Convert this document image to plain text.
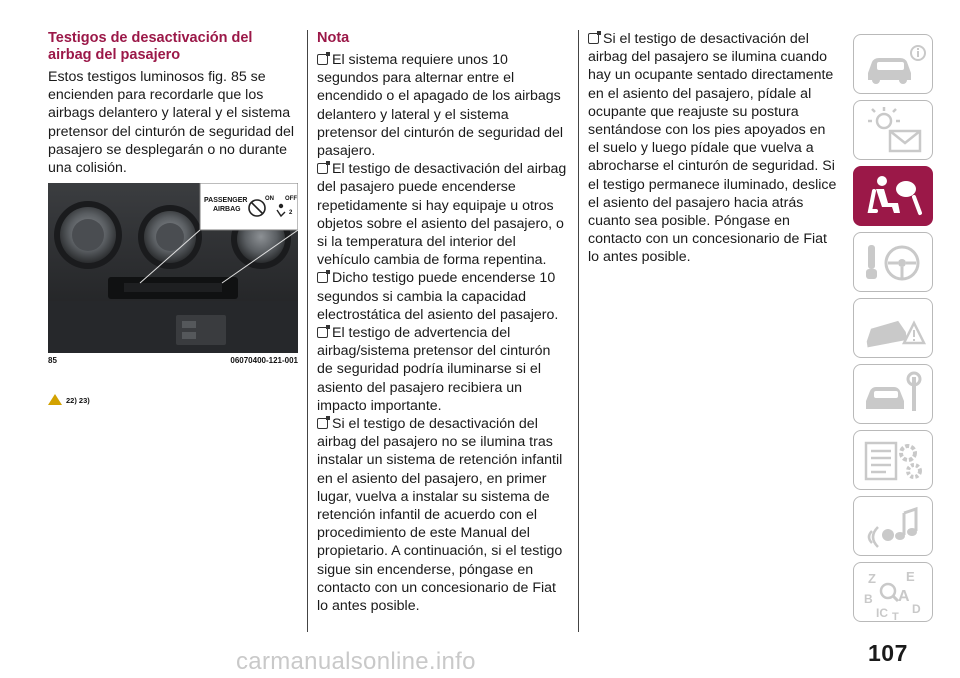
Testigos de desactivación del airbag del pasajero

Estos testigos luminosos fig. 85 se encienden para recordarle que los airbags delantero y lateral y el sistema pretensor del cinturón de seguridad del pasajero se desplegarán o no durante una colisión.

PASSENGER
AIRBAG
ON OFF
2
85	06070400-121-001
22) 23)
Nota

El sistema requiere unos 10 segundos para alternar entre el encendido o el apagado de los airbags delantero y lateral y el sistema pretensor del cinturón de seguridad del pasajero.

El testigo de desactivación del airbag del pasajero puede encenderse repetidamente si hay equipaje u otros objetos sobre el asiento del pasajero, o si la temperatura del interior del vehículo cambia de forma repentina.

Dicho testigo puede encenderse 10 segundos si cambia la capacidad electrostática del asiento del pasajero.

El testigo de advertencia del airbag/sistema pretensor del cinturón de seguridad podría iluminarse si el asiento del pasajero recibiera un impacto importante.

Si el testigo de desactivación del airbag del pasajero no se ilumina tras instalar un sistema de retención infantil en el asiento del pasajero, en primer lugar, vuelva a instalar su sistema de retención infantil de acuerdo con el procedimiento de este Manual del propietario. A continuación, si el testigo sigue sin encenderse, póngase en contacto con un concesionario de Fiat lo antes posible.

Si el testigo de desactivación del airbag del pasajero se ilumina cuando hay un ocupante sentado directamente en el asiento del pasajero, pídale al ocupante que reajuste su postura sentándose con los pies apoyados en el suelo y luego pídale que vuelva a abrocharse el cinturón de seguridad. Si el testigo permanece iluminado, deslice el asiento del pasajero hacia atrás cuanto sea posible. Póngase en contacto con un concesionario de Fiat lo antes posible.

Z E
B A
IC D
T
107
carmanualsonline.info
